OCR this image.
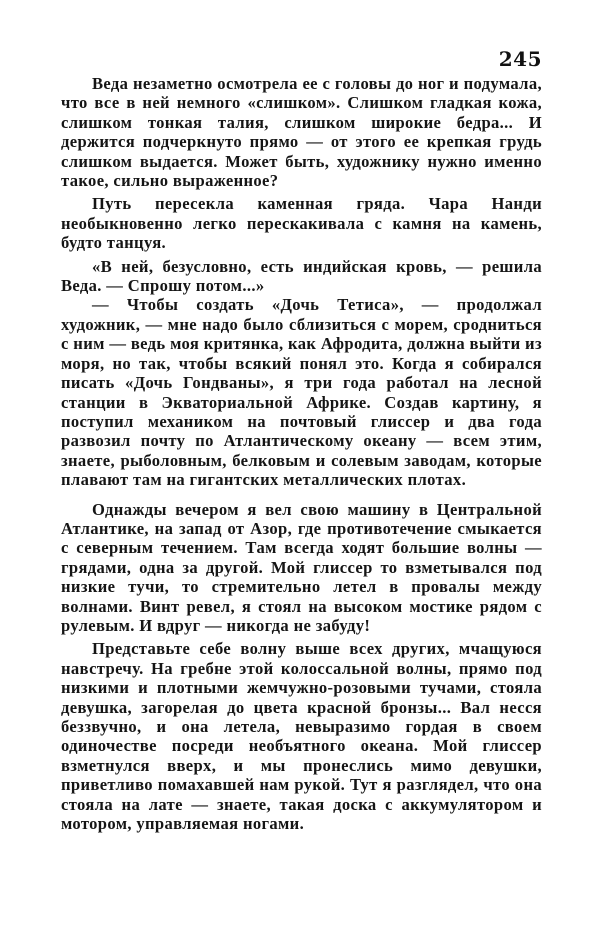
245

Веда незаметно осмотрела ее с головы до ног и подумала, что все в ней немного «слишком». Слишком гладкая кожа, слишком тонкая талия, слишком широкие бедра... И держится подчеркнуто прямо — от этого ее крепкая грудь слишком выдается. Может быть, художнику нужно именно такое, сильно выраженное?

Путь пересекла каменная гряда. Чара Нанди необыкновенно легко перескакивала с камня на камень, будто танцуя.

«В ней, безусловно, есть индийская кровь, — решила Веда. — Спрошу потом...»

— Чтобы создать «Дочь Тетиса», — продолжал художник, — мне надо было сблизиться с морем, сродниться с ним — ведь моя критянка, как Афродита, должна выйти из моря, но так, чтобы всякий понял это. Когда я собирался писать «Дочь Гондваны», я три года работал на лесной станции в Экваториальной Африке. Создав картину, я поступил механиком на почтовый глиссер и два года развозил почту по Атлантическому океану — всем этим, знаете, рыболовным, белковым и солевым заводам, которые плавают там на гигантских металлических плотах.

Однажды вечером я вел свою машину в Центральной Атлантике, на запад от Азор, где противотечение смыкается с северным течением. Там всегда ходят большие волны — грядами, одна за другой. Мой глиссер то взметывался под низкие тучи, то стремительно летел в провалы между волнами. Винт ревел, я стоял на высоком мостике рядом с рулевым. И вдруг — никогда не забуду!

Представьте себе волну выше всех других, мчащуюся навстречу. На гребне этой колоссальной волны, прямо под низкими и плотными жемчужно-розовыми тучами, стояла девушка, загорелая до цвета красной бронзы... Вал несся беззвучно, и она летела, невыразимо гордая в своем одиночестве посреди необъятного океана. Мой глиссер взметнулся вверх, и мы пронеслись мимо девушки, приветливо помахавшей нам рукой. Тут я разглядел, что она стояла на лате — знаете, такая доска с аккумулятором и мотором, управляемая ногами.
